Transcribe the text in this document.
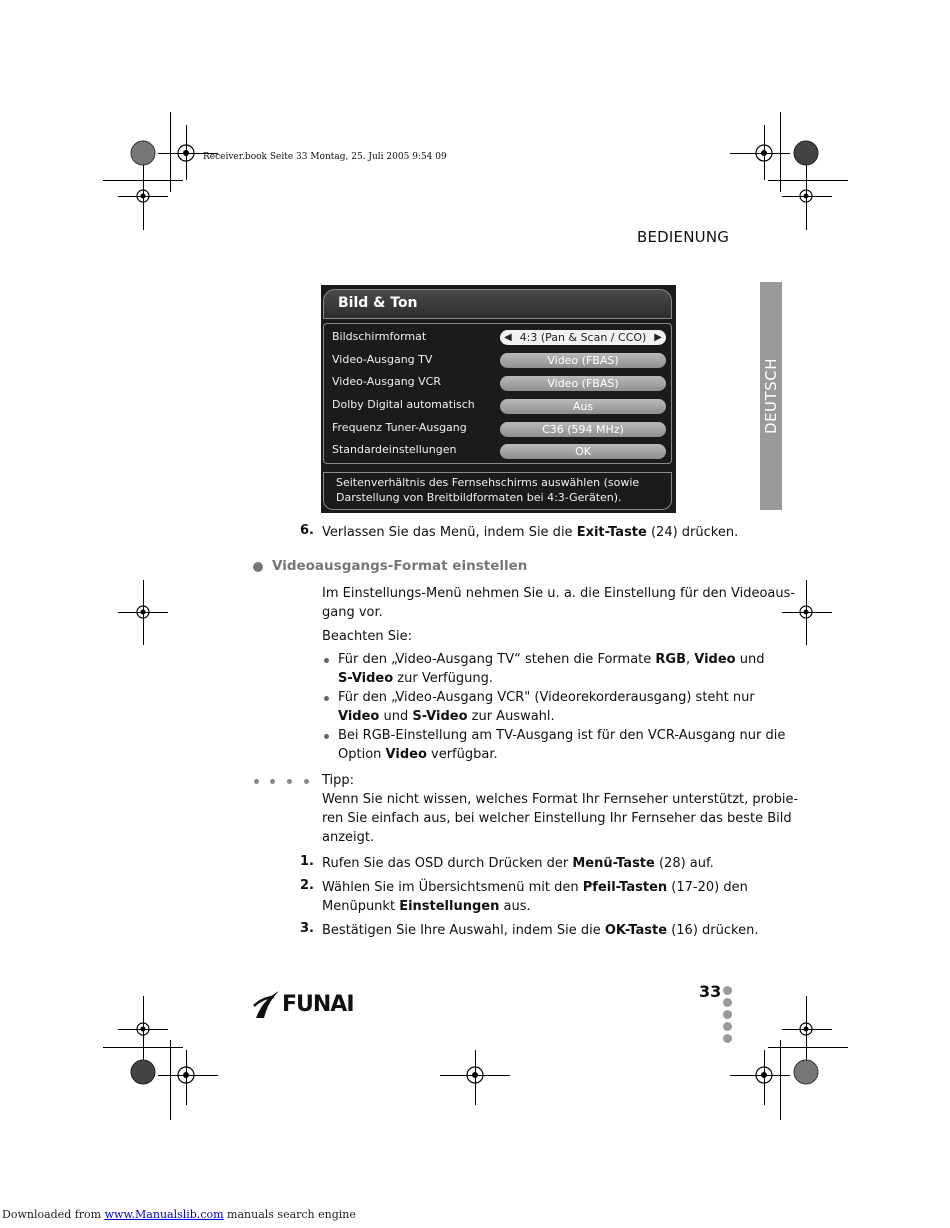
Receiver.book Seite 33 Montag, 25. Juli 2005 9:54 09
BEDIENUNG
DEUTSCH
Bild & Ton
Bildschirmformat	◀ 4:3 (Pan & Scan / CCO) ▶
Video-Ausgang TV	Video (FBAS)
Video-Ausgang VCR	Video (FBAS)
Dolby Digital automatisch	Aus
Frequenz Tuner-Ausgang	C36 (594 MHz)
Standardeinstellungen	OK
Seitenverhältnis des Fernsehschirms auswählen (sowie
Darstellung von Breitbildformaten bei 4:3-Geräten).
6. Verlassen Sie das Menü, indem Sie die Exit-Taste (24) drücken.
Videoausgangs-Format einstellen
Im Einstellungs-Menü nehmen Sie u. a. die Einstellung für den Videoaus-
gang vor.
Beachten Sie:
Für den „Video-Ausgang TV“ stehen die Formate RGB, Video und
S-Video zur Verfügung.
Für den „Video-Ausgang VCR" (Videorekorderausgang) steht nur
Video und S-Video zur Auswahl.
Bei RGB-Einstellung am TV-Ausgang ist für den VCR-Ausgang nur die
Option Video verfügbar.
Tipp:
Wenn Sie nicht wissen, welches Format Ihr Fernseher unterstützt, probie-
ren Sie einfach aus, bei welcher Einstellung Ihr Fernseher das beste Bild
anzeigt.
1. Rufen Sie das OSD durch Drücken der Menü-Taste (28) auf.
2. Wählen Sie im Übersichtsmenü mit den Pfeil-Tasten (17-20) den
Menüpunkt Einstellungen aus.
3. Bestätigen Sie Ihre Auswahl, indem Sie die OK-Taste (16) drücken.
33
FUNAI
Downloaded from www.Manualslib.com manuals search engine
